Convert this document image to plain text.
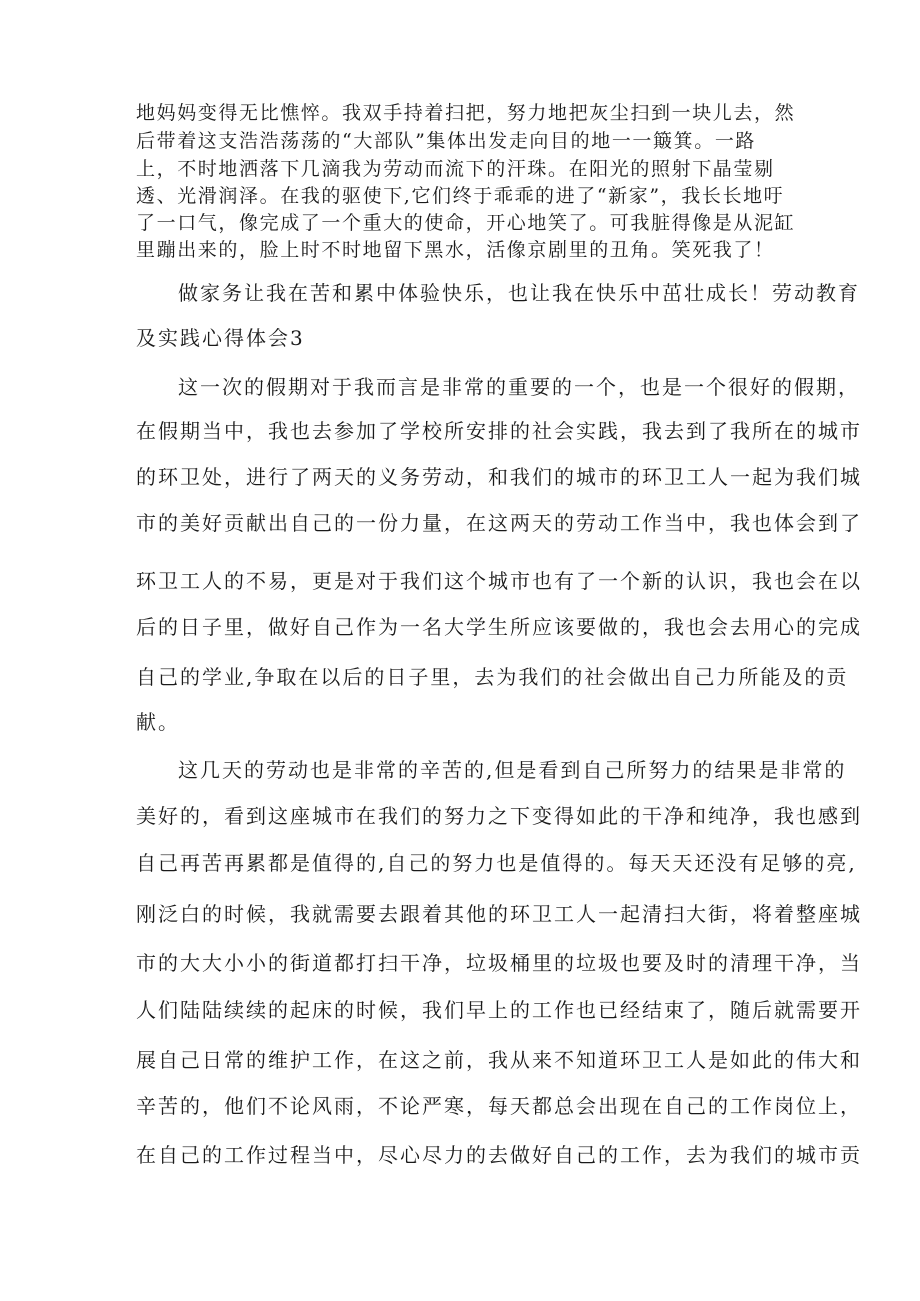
地妈妈变得无比憔悴。我双手持着扫把，努力地把灰尘扫到一块儿去，然

后带着这支浩浩荡荡的“大部队”集体出发走向目的地一一簸箕。一路

上，不时地洒落下几滴我为劳动而流下的汗珠。在阳光的照射下晶莹剔

透、光滑润泽。在我的驱使下,它们终于乖乖的进了“新家”，我长长地吁

了一口气，像完成了一个重大的使命，开心地笑了。可我脏得像是从泥缸

里蹦出来的，脸上时不时地留下黑水，活像京剧里的丑角。笑死我了！

做家务让我在苦和累中体验快乐，也让我在快乐中茁壮成长！劳动教育

及实践心得体会3

这一次的假期对于我而言是非常的重要的一个，也是一个很好的假期，

在假期当中，我也去参加了学校所安排的社会实践，我去到了我所在的城市

的环卫处，进行了两天的义务劳动，和我们的城市的环卫工人一起为我们城

市的美好贡献出自己的一份力量，在这两天的劳动工作当中，我也体会到了

环卫工人的不易，更是对于我们这个城市也有了一个新的认识，我也会在以

后的日子里，做好自己作为一名大学生所应该要做的，我也会去用心的完成

自己的学业,争取在以后的日子里，去为我们的社会做出自己力所能及的贡

献。

这几天的劳动也是非常的辛苦的,但是看到自己所努力的结果是非常的

美好的，看到这座城市在我们的努力之下变得如此的干净和纯净，我也感到

自己再苦再累都是值得的,自己的努力也是值得的。每天天还没有足够的亮,

刚泛白的时候，我就需要去跟着其他的环卫工人一起清扫大街，将着整座城

市的大大小小的街道都打扫干净，垃圾桶里的垃圾也要及时的清理干净，当

人们陆陆续续的起床的时候，我们早上的工作也已经结束了，随后就需要开

展自己日常的维护工作，在这之前，我从来不知道环卫工人是如此的伟大和

辛苦的，他们不论风雨，不论严寒，每天都总会出现在自己的工作岗位上，

在自己的工作过程当中，尽心尽力的去做好自己的工作，去为我们的城市贡
